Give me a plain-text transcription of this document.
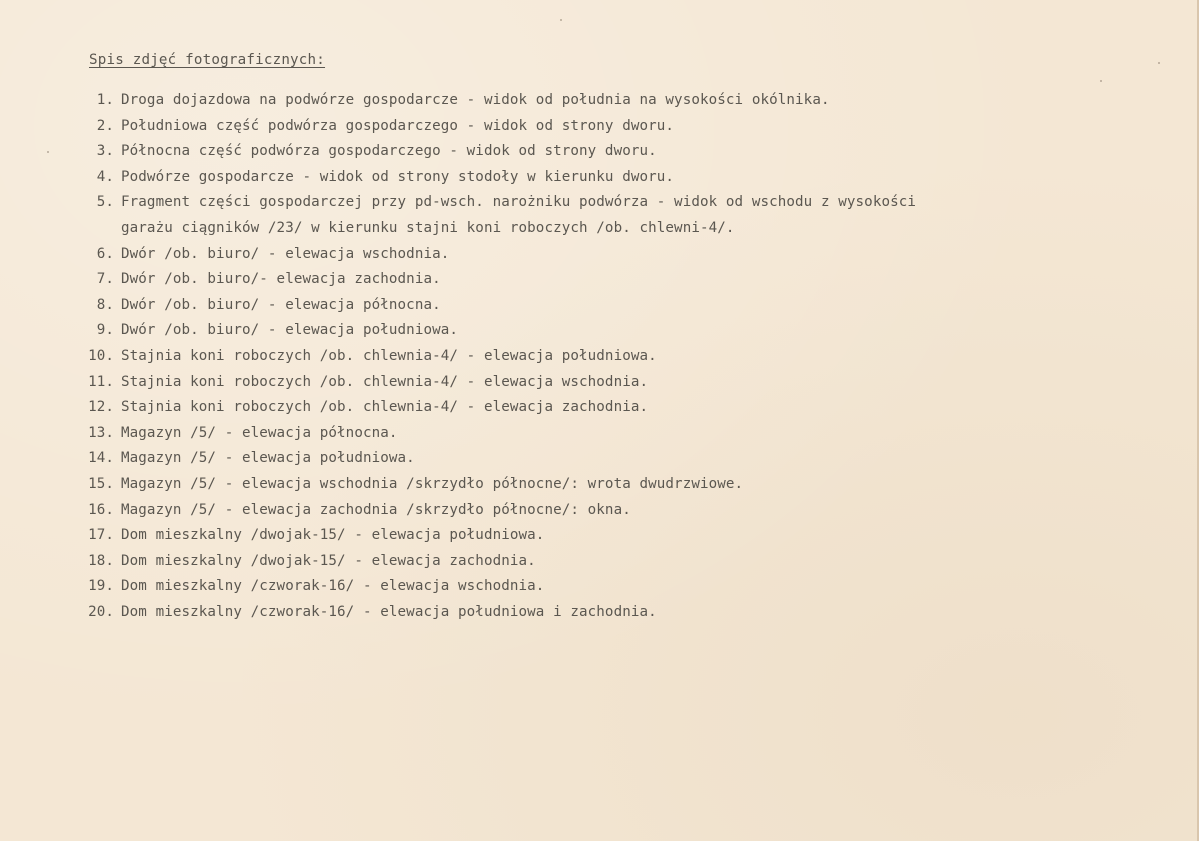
Spis zdjęć fotograficznych:
1. Droga dojazdowa na podwórze gospodarcze - widok od południa na wysokości okólnika.
2. Południowa część podwórza gospodarczego - widok od strony dworu.
3. Północna część podwórza gospodarczego - widok od strony dworu.
4. Podwórze gospodarcze - widok od strony stodoły w kierunku dworu.
5. Fragment części gospodarczej przy pd-wsch. narożniku podwórza - widok od wschodu z wysokości
garażu ciągników /23/ w kierunku stajni koni roboczych /ob. chlewni-4/.
6. Dwór /ob. biuro/ - elewacja wschodnia.
7. Dwór /ob. biuro/- elewacja zachodnia.
8. Dwór /ob. biuro/ - elewacja północna.
9. Dwór /ob. biuro/ - elewacja południowa.
10. Stajnia koni roboczych /ob. chlewnia-4/ - elewacja południowa.
11. Stajnia koni roboczych /ob. chlewnia-4/ - elewacja wschodnia.
12. Stajnia koni roboczych /ob. chlewnia-4/ - elewacja zachodnia.
13. Magazyn /5/ - elewacja północna.
14. Magazyn /5/ - elewacja południowa.
15. Magazyn /5/ - elewacja wschodnia /skrzydło północne/: wrota dwudrzwiowe.
16. Magazyn /5/ - elewacja zachodnia /skrzydło północne/: okna.
17. Dom mieszkalny /dwojak-15/ - elewacja południowa.
18. Dom mieszkalny /dwojak-15/ - elewacja zachodnia.
19. Dom mieszkalny /czworak-16/ - elewacja wschodnia.
20. Dom mieszkalny /czworak-16/ - elewacja południowa i zachodnia.
